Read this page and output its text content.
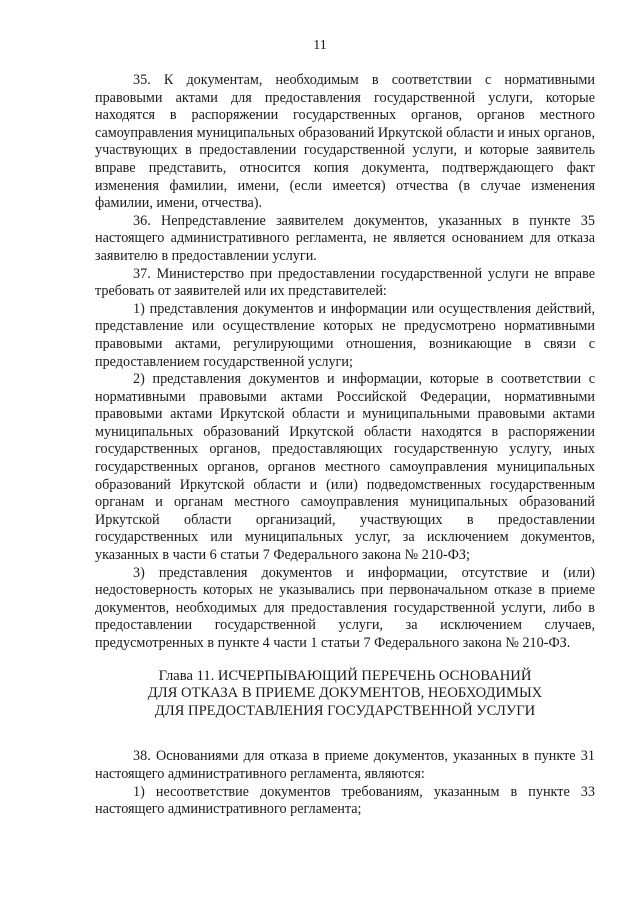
11

35. К документам, необходимым в соответствии с нормативными правовыми актами для предоставления государственной услуги, которые находятся в распоряжении государственных органов, органов местного самоуправления муниципальных образований Иркутской области и иных органов, участвующих в предоставлении государственной услуги, и которые заявитель вправе представить, относится копия документа, подтверждающего факт изменения фамилии, имени, (если имеется) отчества (в случае изменения фамилии, имени, отчества).

36. Непредставление заявителем документов, указанных в пункте 35 настоящего административного регламента, не является основанием для отказа заявителю в предоставлении услуги.

37. Министерство при предоставлении государственной услуги не вправе требовать от заявителей или их представителей:

1) представления документов и информации или осуществления действий, представление или осуществление которых не предусмотрено нормативными правовыми актами, регулирующими отношения, возникающие в связи с предоставлением государственной услуги;

2) представления документов и информации, которые в соответствии с нормативными правовыми актами Российской Федерации, нормативными правовыми актами Иркутской области и муниципальными правовыми актами муниципальных образований Иркутской области находятся в распоряжении государственных органов, предоставляющих государственную услугу, иных государственных органов, органов местного самоуправления муниципальных образований Иркутской области и (или) подведомственных государственным органам и органам местного самоуправления муниципальных образований Иркутской области организаций, участвующих в предоставлении государственных или муниципальных услуг, за исключением документов, указанных в части 6 статьи 7 Федерального закона № 210-ФЗ;

3) представления документов и информации, отсутствие и (или) недостоверность которых не указывались при первоначальном отказе в приеме документов, необходимых для предоставления государственной услуги, либо в предоставлении государственной услуги, за исключением случаев, предусмотренных в пункте 4 части 1 статьи 7 Федерального закона № 210-ФЗ.

Глава 11. ИСЧЕРПЫВАЮЩИЙ ПЕРЕЧЕНЬ ОСНОВАНИЙ
ДЛЯ ОТКАЗА В ПРИЕМЕ ДОКУМЕНТОВ, НЕОБХОДИМЫХ
ДЛЯ ПРЕДОСТАВЛЕНИЯ ГОСУДАРСТВЕННОЙ УСЛУГИ

38. Основаниями для отказа в приеме документов, указанных в пункте 31 настоящего административного регламента, являются:

1) несоответствие документов требованиям, указанным в пункте 33 настоящего административного регламента;
